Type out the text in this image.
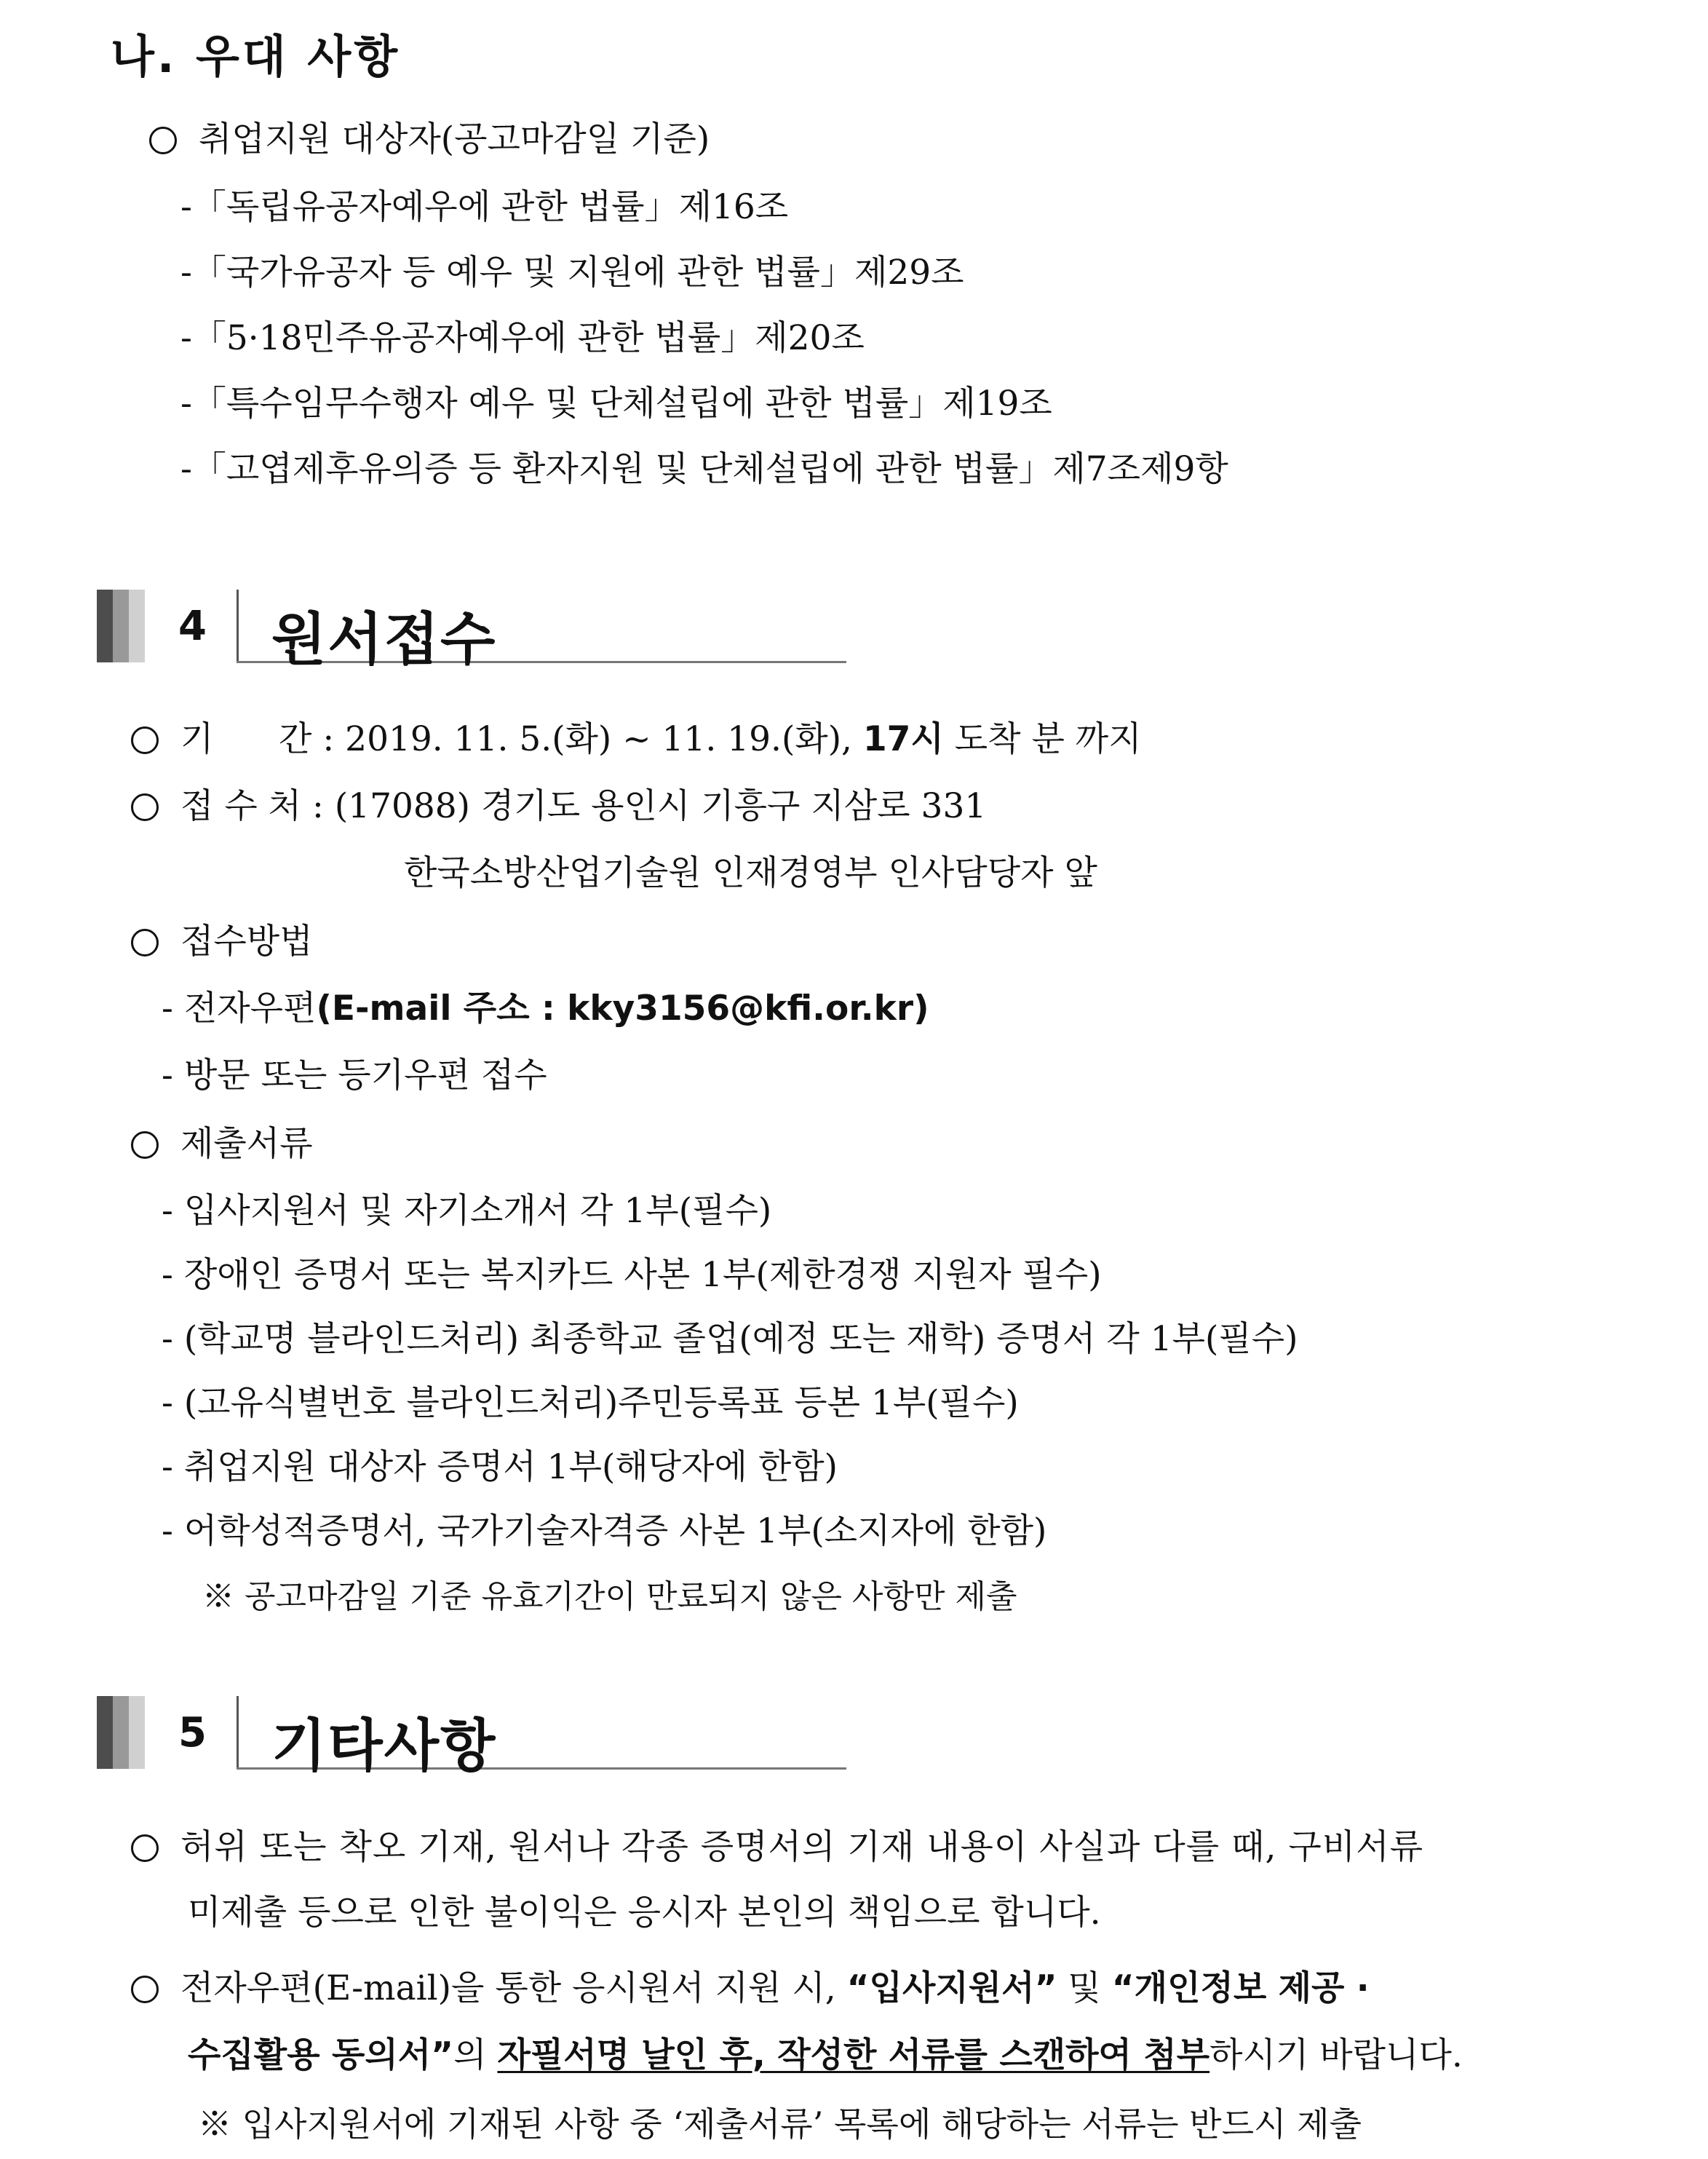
나. 우대 사항
취업지원 대상자(공고마감일 기준)
-「독립유공자예우에 관한 법률」제16조
-「국가유공자 등 예우 및 지원에 관한 법률」제29조
-「5·18민주유공자예우에 관한 법률」제20조
-「특수임무수행자 예우 및 단체설립에 관한 법률」제19조
-「고엽제후유의증 등 환자지원 및 단체설립에 관한 법률」제7조제9항
4 원서접수
기      간 : 2019. 11. 5.(화) ~ 11. 19.(화), 17시 도착 분 까지
접 수 처 : (17088) 경기도 용인시 기흥구 지삼로 331
한국소방산업기술원 인재경영부 인사담당자 앞
접수방법
- 전자우편(E-mail 주소 : kky3156@kfi.or.kr)
- 방문 또는 등기우편 접수
제출서류
- 입사지원서 및 자기소개서 각 1부(필수)
- 장애인 증명서 또는 복지카드 사본 1부(제한경쟁 지원자 필수)
- (학교명 블라인드처리) 최종학교 졸업(예정 또는 재학) 증명서 각 1부(필수)
- (고유식별번호 블라인드처리)주민등록표 등본 1부(필수)
- 취업지원 대상자 증명서 1부(해당자에 한함)
- 어학성적증명서, 국가기술자격증 사본 1부(소지자에 한함)
※ 공고마감일 기준 유효기간이 만료되지 않은 사항만 제출
5 기타사항
허위 또는 착오 기재, 원서나 각종 증명서의 기재 내용이 사실과 다를 때, 구비서류
미제출 등으로 인한 불이익은 응시자 본인의 책임으로 합니다.
전자우편(E-mail)을 통한 응시원서 지원 시, “입사지원서” 및 “개인정보 제공 ·
수집활용 동의서”의 자필서명 날인 후, 작성한 서류를 스캔하여 첨부하시기 바랍니다.
※ 입사지원서에 기재된 사항 중 ‘제출서류’ 목록에 해당하는 서류는 반드시 제출
